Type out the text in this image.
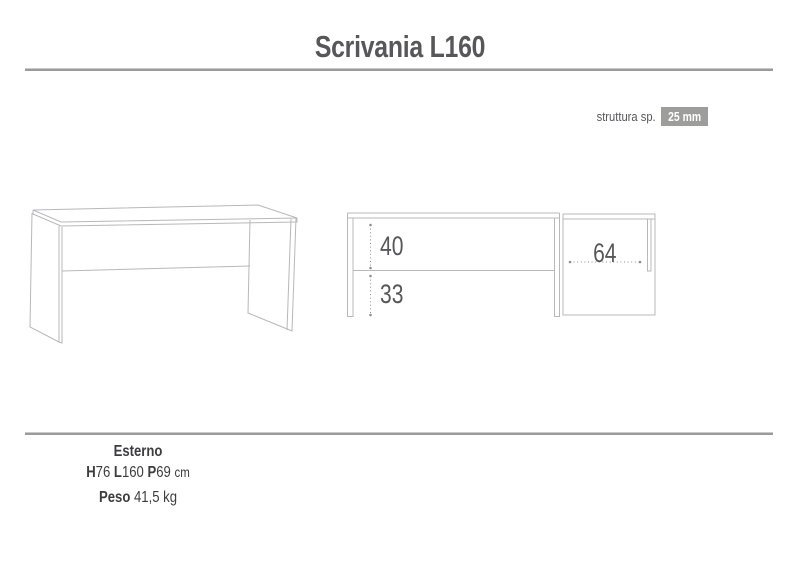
Scrivania L160
struttura sp. 25 mm
40
33
64
Esterno
H76 L160 P69 cm
Peso 41,5 kg
